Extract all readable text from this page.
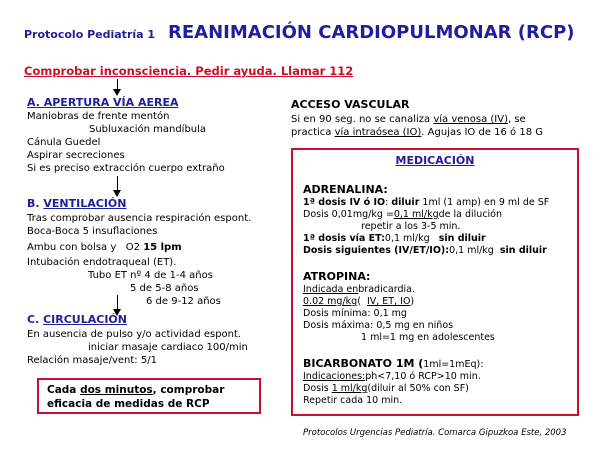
Protocolo Pediatría 1 REANIMACIÓN CARDIOPULMONAR (RCP)
Comprobar inconsciencia. Pedir ayuda. Llamar 112
A. APERTURA VÍA AEREA
Maniobras de frente mentón
Subluxación mandíbula
Cánula Guedel
Aspirar secreciones
Si es preciso extracción cuerpo extraño
B. VENTILACIÓN
Tras comprobar ausencia respiración espont.
Boca-Boca 5 insuflaciones
Ambu con bolsa y   O2 15 lpm
Intubación endotraqueal (ET).
Tubo ET nº 4 de 1-4 años
5 de 5-8 años
6 de 9-12 años
C. CIRCULACIÓN
En ausencia de pulso y/o actividad espont.
iniciar masaje cardiaco 100/min
Relación masaje/vent: 5/1
Cada dos minutos, comprobar
eficacia de medidas de RCP
ACCESO VASCULAR
Si en 90 seg. no se canaliza vía venosa (IV), se
practica vía intraósea (IO). Agujas IO de 16 ó 18 G
MEDICACIÓN
ADRENALINA:
1ª dosis IV ó IO: diluir 1ml (1 amp) en 9 ml de SF
Dosis 0,01mg/kg =0,1 ml/kgde la dilución
repetir a los 3-5 min.
1ª dosis vía ET:0,1 ml/kg   sin diluir
Dosis siguientes (IV/ET/IO):0,1 ml/kg  sin diluir
ATROPINA:
Indicada enbradicardia.
0.02 mg/kg(  IV, ET, IO)
Dosis mínima: 0,1 mg
Dosis máxima: 0,5 mg en niños
1 ml=1 mg en adolescentes
BICARBONATO 1M (1ml=1mEq):
Indicaciones:ph<7,10 ó RCP>10 min.
Dosis 1 ml/kg(diluir al 50% con SF)
Repetir cada 10 min.
Protocolos Urgencias Pediatría. Comarca Gipuzkoa Este, 2003
